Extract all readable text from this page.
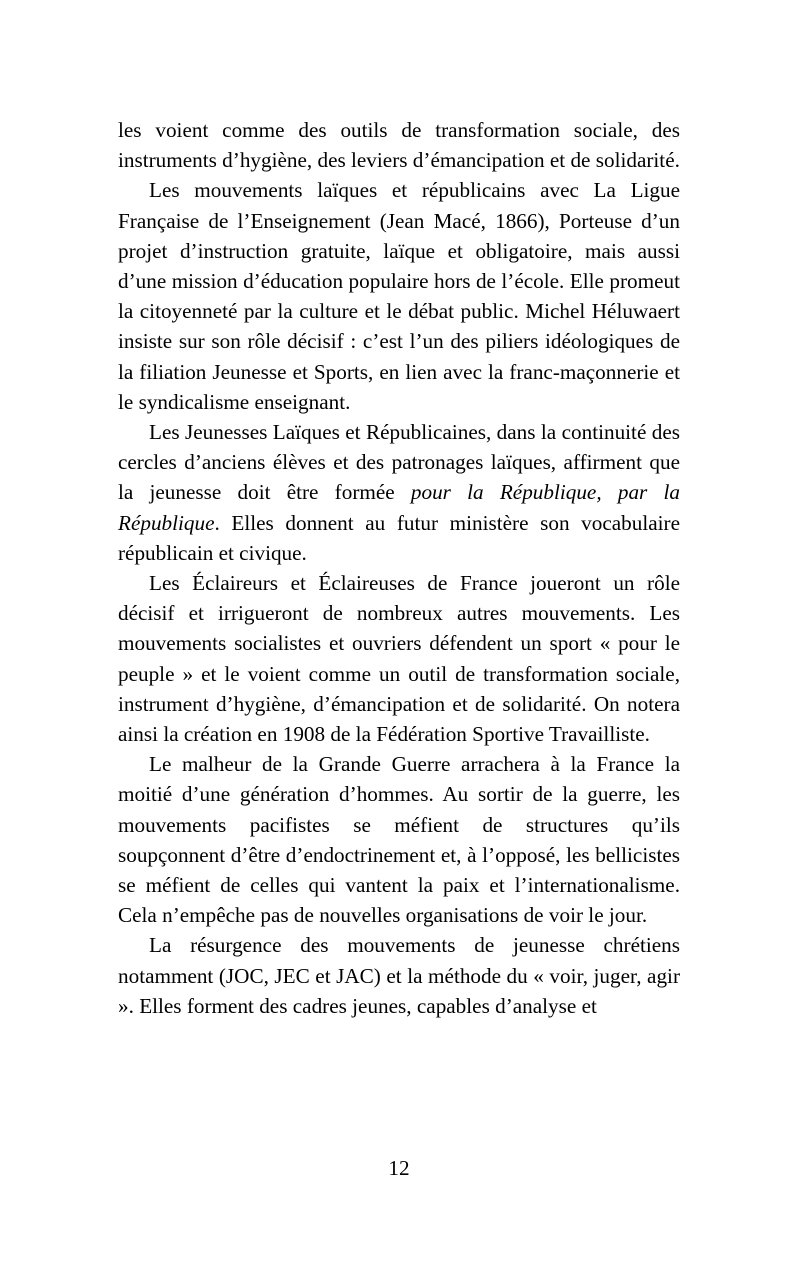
les voient comme des outils de transformation sociale, des instruments d’hygiène, des leviers d’émancipation et de solidarité.

Les mouvements laïques et républicains avec La Ligue Française de l’Enseignement (Jean Macé, 1866), Porteuse d’un projet d’instruction gratuite, laïque et obligatoire, mais aussi d’une mission d’éducation populaire hors de l’école. Elle promeut la citoyenneté par la culture et le débat public. Michel Héluwaert insiste sur son rôle décisif : c’est l’un des piliers idéologiques de la filiation Jeunesse et Sports, en lien avec la franc-maçonnerie et le syndicalisme enseignant.

Les Jeunesses Laïques et Républicaines, dans la continuité des cercles d’anciens élèves et des patronages laïques, affirment que la jeunesse doit être formée pour la République, par la République. Elles donnent au futur ministère son vocabulaire républicain et civique.

Les Éclaireurs et Éclaireuses de France joueront un rôle décisif et irrigueront de nombreux autres mouvements. Les mouvements socialistes et ouvriers défendent un sport « pour le peuple » et le voient comme un outil de transformation sociale, instrument d’hygiène, d’émancipation et de solidarité. On notera ainsi la création en 1908 de la Fédération Sportive Travailliste.

Le malheur de la Grande Guerre arrachera à la France la moitié d’une génération d’hommes. Au sortir de la guerre, les mouvements pacifistes se méfient de structures qu’ils soupçonnent d’être d’endoctrinement et, à l’opposé, les bellicistes se méfient de celles qui vantent la paix et l’internationalisme. Cela n’empêche pas de nouvelles organisations de voir le jour.

La résurgence des mouvements de jeunesse chrétiens notamment (JOC, JEC et JAC) et la méthode du « voir, juger, agir ». Elles forment des cadres jeunes, capables d’analyse et

12
